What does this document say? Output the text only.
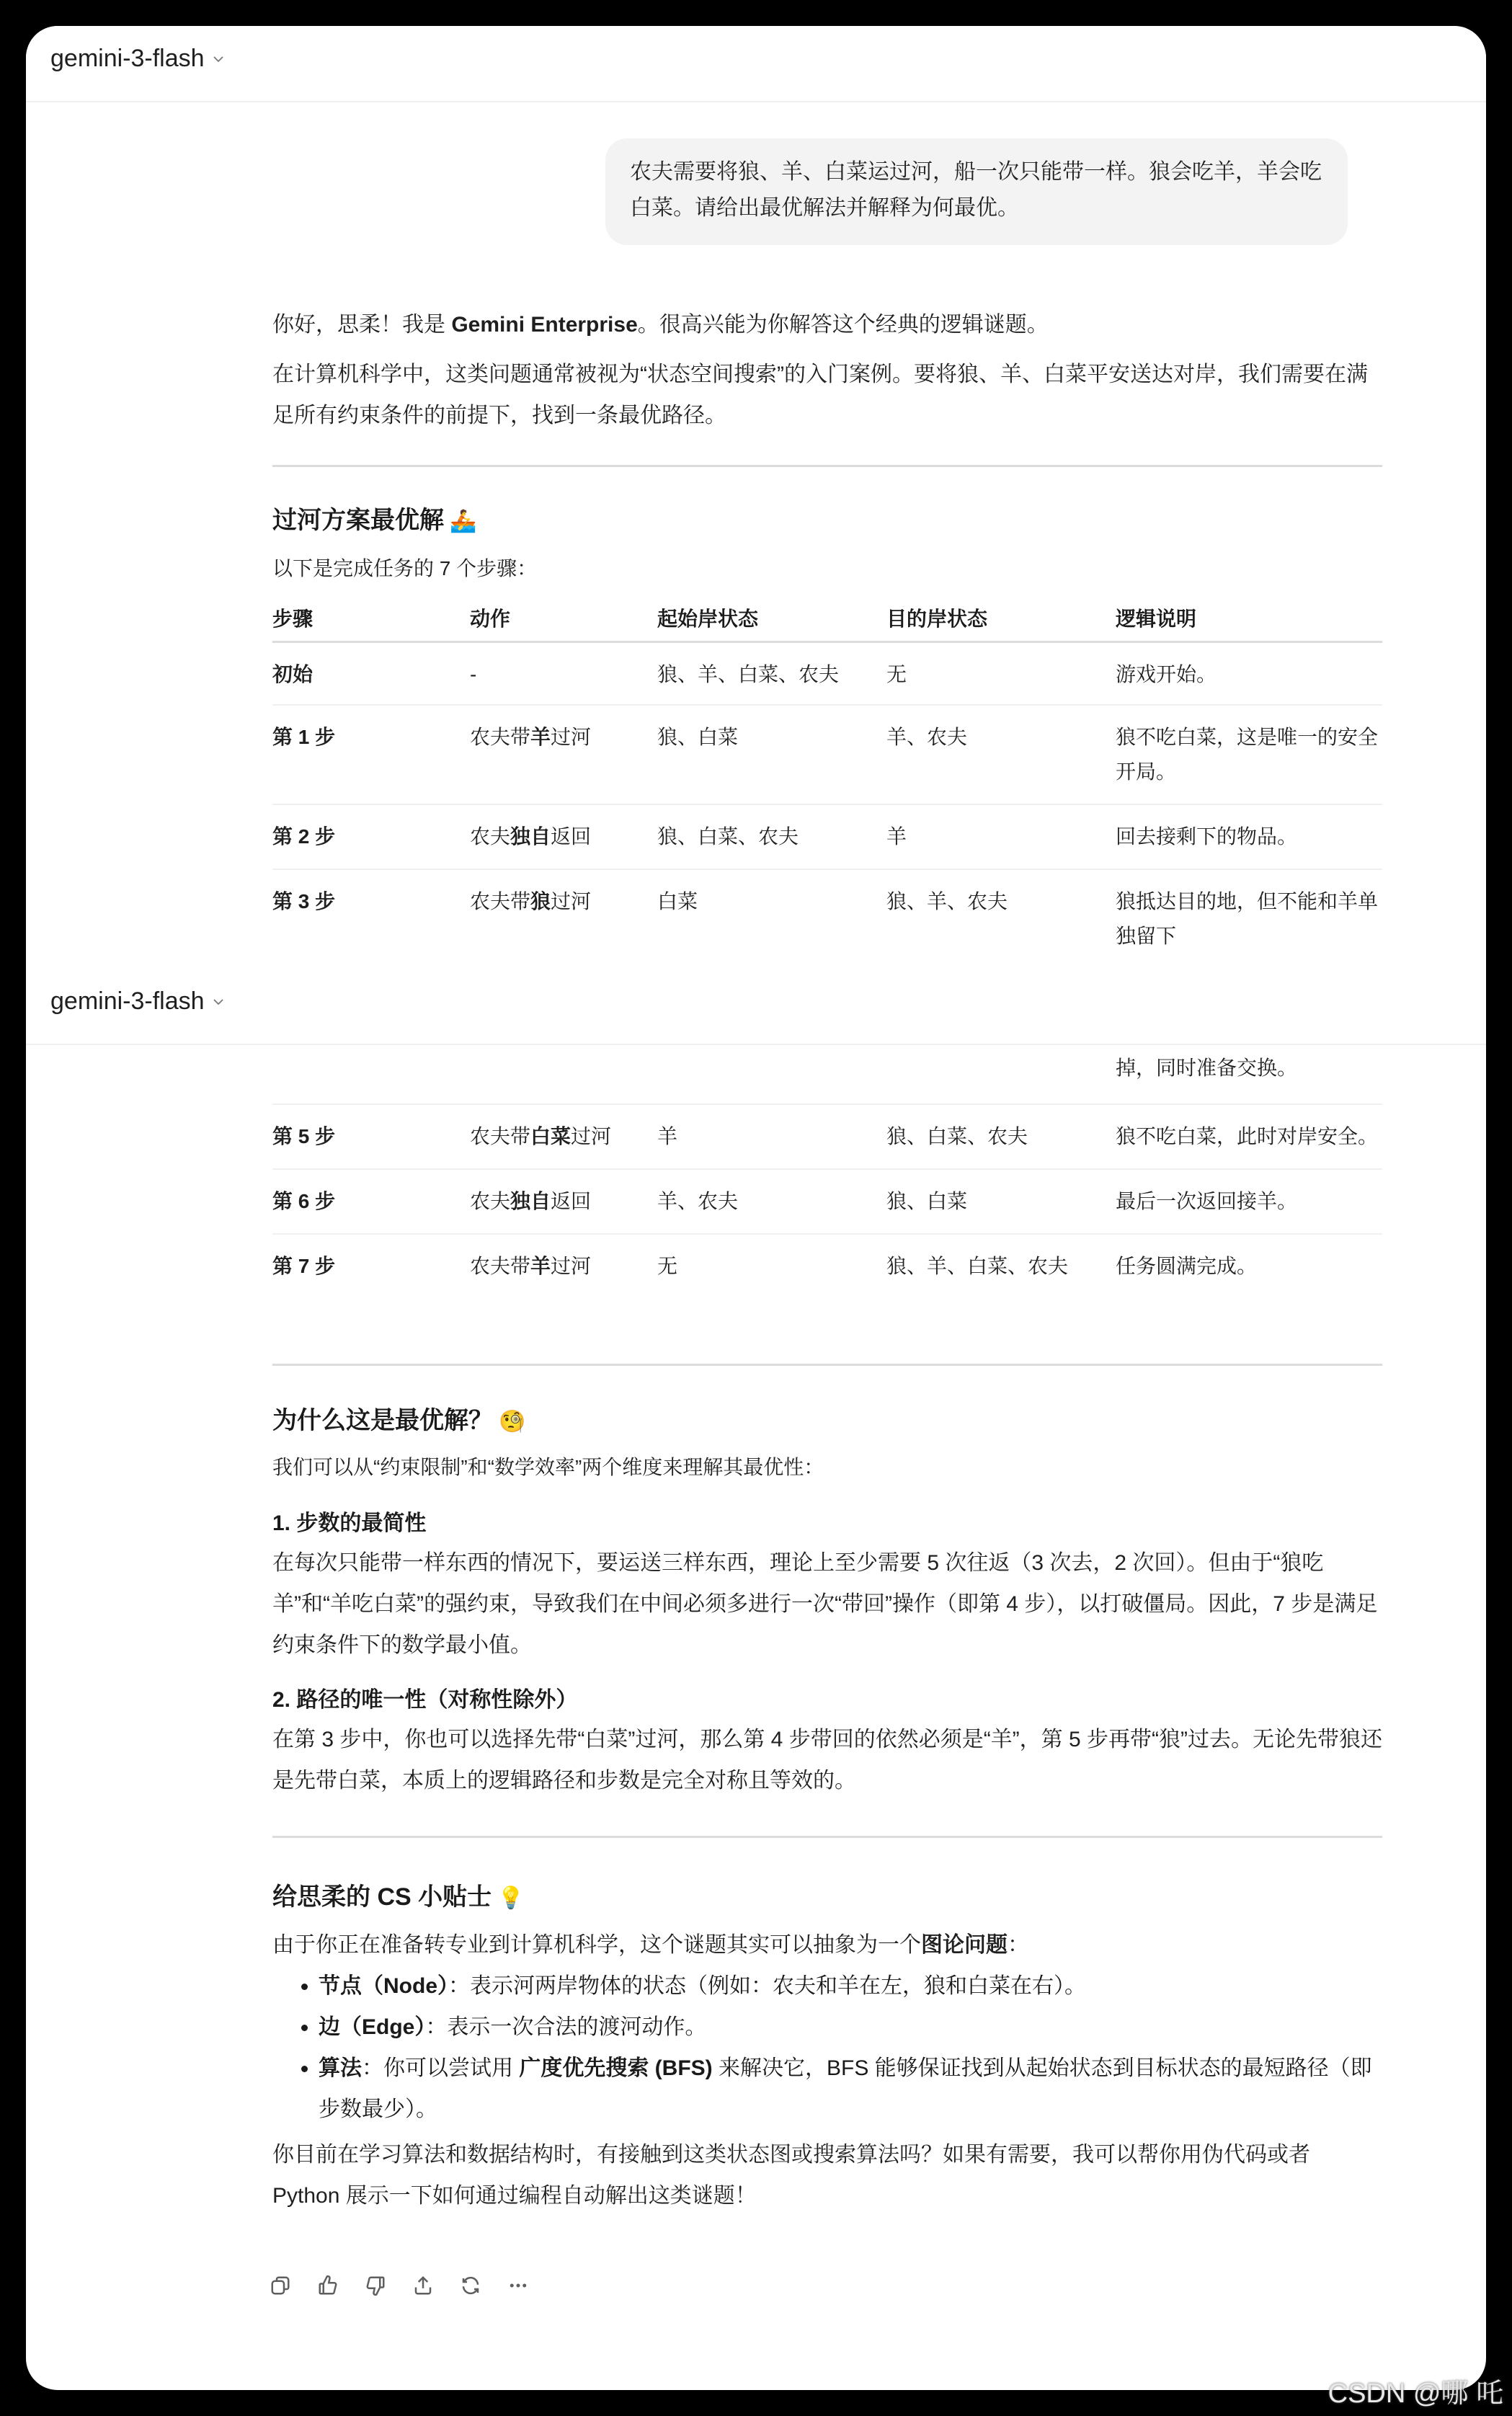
gemini-3-flash
农夫需要将狼、羊、白菜运过河，船一次只能带一样。狼会吃羊，羊会吃白菜。请给出最优解法并解释为何最优。

你好，思柔！我是 Gemini Enterprise。很高兴能为你解答这个经典的逻辑谜题。

在计算机科学中，这类问题通常被视为“状态空间搜索”的入门案例。要将狼、羊、白菜平安送达对岸，我们需要在满足所有约束条件的前提下，找到一条最优路径。

过河方案最优解 🚣

以下是完成任务的 7 个步骤：

步骤	动作	起始岸状态	目的岸状态	逻辑说明
初始	-	狼、羊、白菜、农夫	无	游戏开始。
第 1 步	农夫带羊过河	狼、白菜	羊、农夫	狼不吃白菜，这是唯一的安全开局。
第 2 步	农夫独自返回	狼、白菜、农夫	羊	回去接剩下的物品。
第 3 步	农夫带狼过河	白菜	狼、羊、农夫	狼抵达目的地，但不能和羊单独留下
gemini-3-flash
				掉，同时准备交换。
第 5 步	农夫带白菜过河	羊	狼、白菜、农夫	狼不吃白菜，此时对岸安全。
第 6 步	农夫独自返回	羊、农夫	狼、白菜	最后一次返回接羊。
第 7 步	农夫带羊过河	无	狼、羊、白菜、农夫	任务圆满完成。

为什么这是最优解？ 🧐

我们可以从“约束限制”和“数学效率”两个维度来理解其最优性：

1. 步数的最简性

在每次只能带一样东西的情况下，要运送三样东西，理论上至少需要 5 次往返（3 次去，2 次回）。但由于“狼吃羊”和“羊吃白菜”的强约束，导致我们在中间必须多进行一次“带回”操作（即第 4 步），以打破僵局。因此，7 步是满足约束条件下的数学最小值。

2. 路径的唯一性（对称性除外）

在第 3 步中，你也可以选择先带“白菜”过河，那么第 4 步带回的依然必须是“羊”，第 5 步再带“狼”过去。无论先带狼还是先带白菜，本质上的逻辑路径和步数是完全对称且等效的。

给思柔的 CS 小贴士 💡

由于你正在准备转专业到计算机科学，这个谜题其实可以抽象为一个图论问题：

• 节点（Node）：表示河两岸物体的状态（例如：农夫和羊在左，狼和白菜在右）。
• 边（Edge）：表示一次合法的渡河动作。
• 算法：你可以尝试用 广度优先搜索 (BFS) 来解决它，BFS 能够保证找到从起始状态到目标状态的最短路径（即步数最少）。

你目前在学习算法和数据结构时，有接触到这类状态图或搜索算法吗？如果有需要，我可以帮你用伪代码或者 Python 展示一下如何通过编程自动解出这类谜题！

CSDN @哪 吒
